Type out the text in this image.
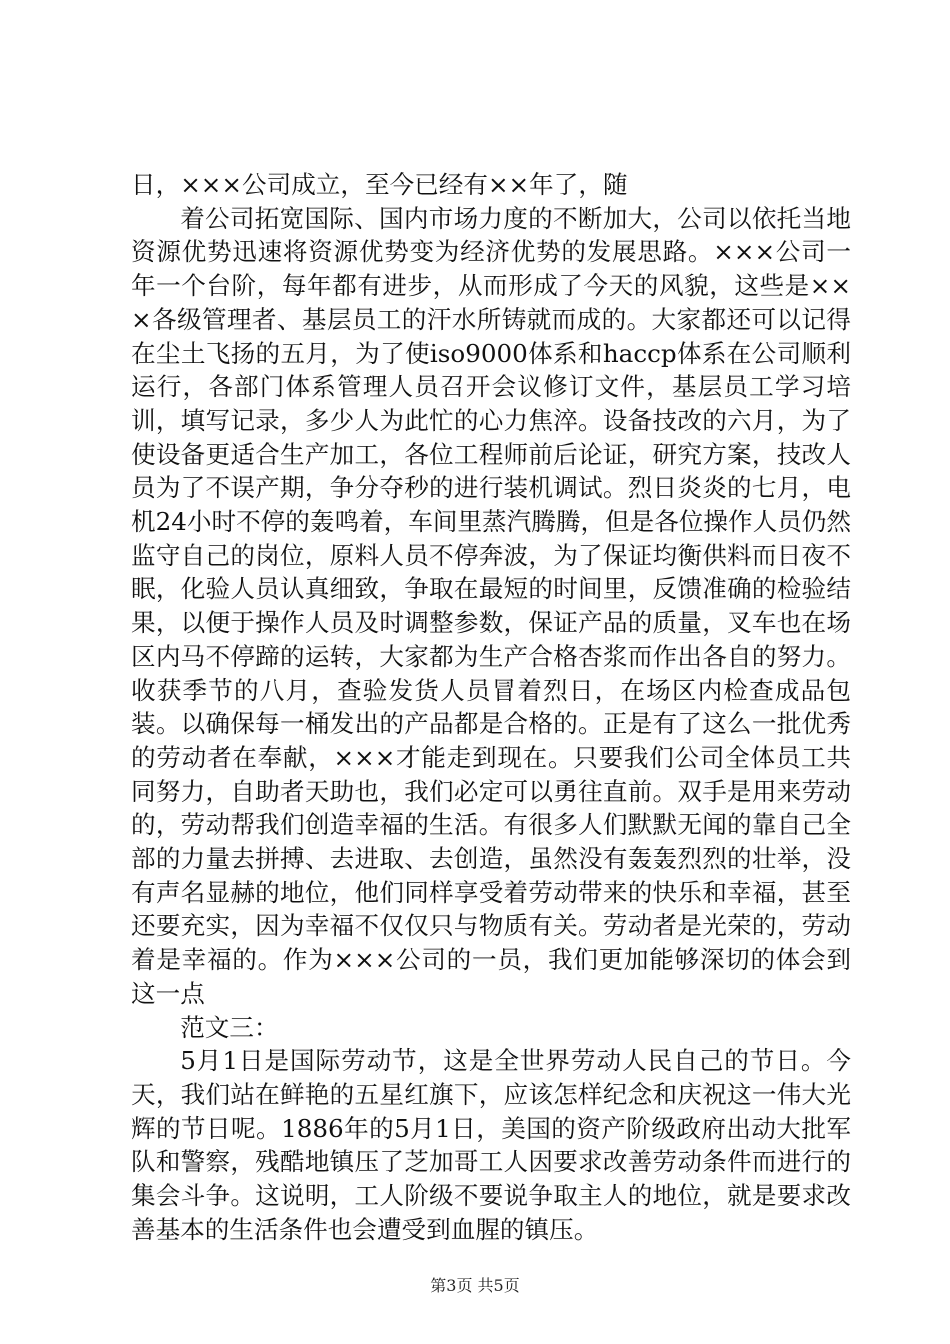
日，×××公司成立，至今已经有××年了，随

着公司拓宽国际、国内市场力度的不断加大，公司以依托当地资源优势迅速将资源优势变为经济优势的发展思路。×××公司一年一个台阶，每年都有进步，从而形成了今天的风貌，这些是×××各级管理者、基层员工的汗水所铸就而成的。大家都还可以记得在尘土飞扬的五月，为了使iso9000体系和haccp体系在公司顺利运行，各部门体系管理人员召开会议修订文件，基层员工学习培训，填写记录，多少人为此忙的心力焦淬。设备技改的六月，为了使设备更适合生产加工，各位工程师前后论证，研究方案，技改人员为了不误产期，争分夺秒的进行装机调试。烈日炎炎的七月，电机24小时不停的轰鸣着，车间里蒸汽腾腾，但是各位操作人员仍然监守自己的岗位，原料人员不停奔波，为了保证均衡供料而日夜不眠，化验人员认真细致，争取在最短的时间里，反馈准确的检验结果，以便于操作人员及时调整参数，保证产品的质量，叉车也在场区内马不停蹄的运转，大家都为生产合格杏浆而作出各自的努力。收获季节的八月，查验发货人员冒着烈日，在场区内检查成品包装。以确保每一桶发出的产品都是合格的。正是有了这么一批优秀的劳动者在奉献，×××才能走到现在。只要我们公司全体员工共同努力，自助者天助也，我们必定可以勇往直前。双手是用来劳动的，劳动帮我们创造幸福的生活。有很多人们默默无闻的靠自己全部的力量去拼搏、去进取、去创造，虽然没有轰轰烈烈的壮举，没有声名显赫的地位，他们同样享受着劳动带来的快乐和幸福，甚至还要充实，因为幸福不仅仅只与物质有关。劳动者是光荣的，劳动着是幸福的。作为×××公司的一员，我们更加能够深切的体会到这一点

范文三：

5月1日是国际劳动节，这是全世界劳动人民自己的节日。今天，我们站在鲜艳的五星红旗下，应该怎样纪念和庆祝这一伟大光辉的节日呢。1886年的5月1日，美国的资产阶级政府出动大批军队和警察，残酷地镇压了芝加哥工人因要求改善劳动条件而进行的集会斗争。这说明，工人阶级不要说争取主人的地位，就是要求改善基本的生活条件也会遭受到血腥的镇压。

第3页 共5页
